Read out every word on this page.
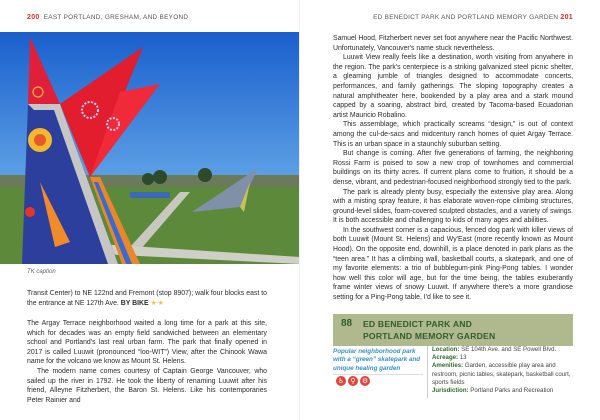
200 EAST PORTLAND, GRESHAM, AND BEYOND
TK caption

Transit Center) to NE 122nd and Fremont (stop 8907); walk four blocks east to the entrance at NE 127th Ave. BY BIKE ★★

The Argay Terrace neighborhood waited a long time for a park at this site, which for decades was an empty field sandwiched between an elementary school and Portland's last real urban farm. The park that finally opened in 2017 is called Luuwit (pronounced “loo-WIT”) View, after the Chinook Wawa name for the volcano we know as Mount St. Helens.

The modern name comes courtesy of Captain George Vancouver, who sailed up the river in 1792. He took the liberty of renaming Luuwit after his friend, Alleyne Fitzherbert, the Baron St. Helens. Like his contemporaries Peter Rainier and

ED BENEDICT PARK AND PORTLAND MEMORY GARDEN 201

Samuel Hood, Fitzherbert never set foot anywhere near the Pacific Northwest. Unfortunately, Vancouver's name stuck nevertheless.

Luuwit View really feels like a destination, worth visiting from anywhere in the region. The park's centerpiece is a striking galvanized steel picnic shelter, a gleaming jumble of triangles designed to accommodate concerts, performances, and family gatherings. The sloping topography creates a natural amphitheater here, bookended by a play area and a stark mound capped by a soaring, abstract bird, created by Tacoma-based Ecuadorian artist Mauricio Robalino.

This assemblage, which practically screams “design,” is out of context among the cul-de-sacs and midcentury ranch homes of quiet Argay Terrace. This is an urban space in a staunchly suburban setting.

But change is coming. After five generations of farming, the neighboring Rossi Farm is poised to sow a new crop of townhomes and commercial buildings on its thirty acres. If current plans come to fruition, it should be a dense, vibrant, and pedestrian-focused neighborhood strongly tied to the park.

The park is already plenty busy, especially the extensive play area. Along with a misting spray feature, it has elaborate woven-rope climbing structures, ground-level slides, foam-covered sculpted obstacles, and a variety of swings. It is both accessible and challenging to kids of many ages and abilities.

In the southwest corner is a capacious, fenced dog park with killer views of both Luuwit (Mount St. Helens) and Wy'East (more recently known as Mount Hood). On the opposite end, downhill, is a place denoted in park plans as the “teen area.” It has a climbing wall, basketball courts, a skatepark, and one of my favorite elements: a trio of bubblegum-pink Ping-Pong tables. I wonder how well this color will age, but for the time being, the tables exuberantly frame winter views of snowy Luuwit. If anywhere there's a more grandiose setting for a Ping-Pong table, I'd like to see it.

88 ED BENEDICT PARK AND
PORTLAND MEMORY GARDEN
Popular neighborhood park with a “green” skatepark and unique healing garden
♿ ⚲ ⚙
Location: SE 104th Ave. and SE Powell Blvd.
Acreage: 13
Amenities: Garden, accessible play area and restroom, picnic tables, skatepark, basketball court, sports fields
Jurisdiction: Portland Parks and Recreation
